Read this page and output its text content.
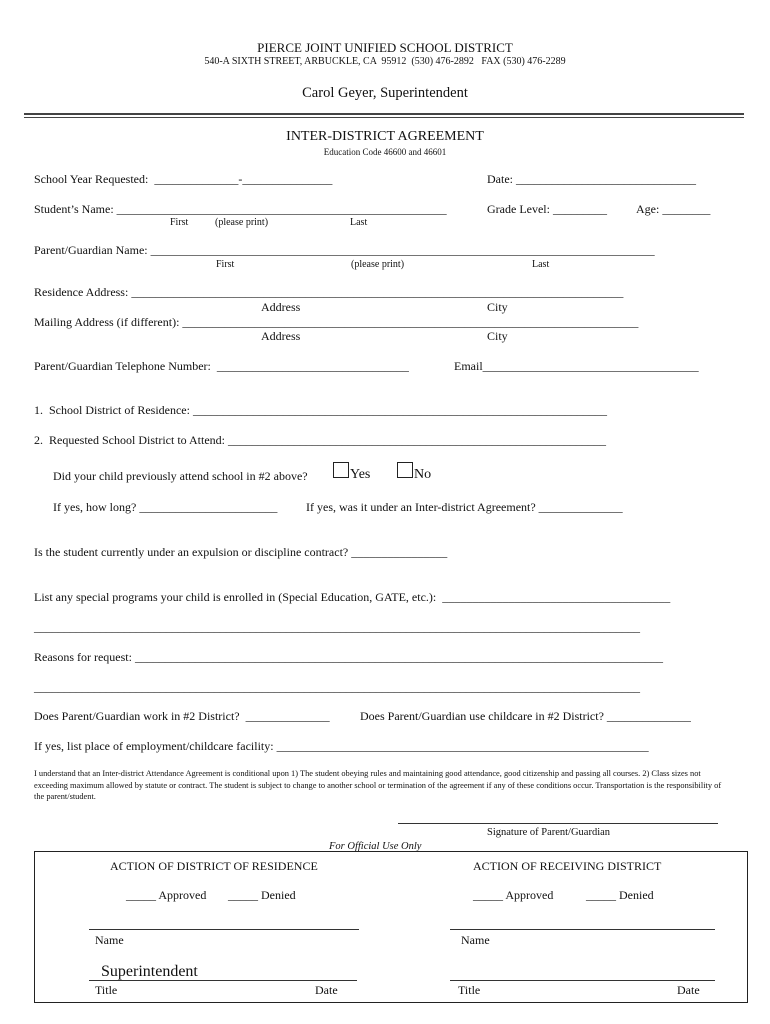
PIERCE JOINT UNIFIED SCHOOL DISTRICT
540-A SIXTH STREET, ARBUCKLE, CA  95912  (530) 476-2892   FAX (530) 476-2289
Carol Geyer, Superintendent
INTER-DISTRICT AGREEMENT
Education Code 46600 and 46601
School Year Requested:  ______________-_______________	Date: ______________________________
Student’s Name: _______________________________________________________	Grade Level: _________ Age: ________
First	(please print)	Last
Parent/Guardian Name: ____________________________________________________________________________________
First	(please print)	Last
Residence Address: __________________________________________________________________________________
Address	City
Mailing Address (if different): ____________________________________________________________________________
Address	City
Parent/Guardian Telephone Number:  ________________________________	Email____________________________________
1.  School District of Residence: _____________________________________________________________________
2.  Requested School District to Attend: _______________________________________________________________
Did your child previously attend school in #2 above?	Yes	No
If yes, how long? _______________________ If yes, was it under an Inter-district Agreement? ______________
Is the student currently under an expulsion or discipline contract? ________________
List any special programs your child is enrolled in (Special Education, GATE, etc.):  ______________________________________
_____________________________________________________________________________________________________
Reasons for request: ________________________________________________________________________________________
_____________________________________________________________________________________________________
Does Parent/Guardian work in #2 District?  ______________	Does Parent/Guardian use childcare in #2 District? ______________
If yes, list place of employment/childcare facility: ______________________________________________________________
I understand that an Inter-district Attendance Agreement is conditional upon 1) The student obeying rules and maintaining good attendance, good citizenship and passing all courses. 2) Class sizes not exceeding maximum allowed by statute or contract. The student is subject to change to another school or termination of the agreement if any of these conditions occur. Transportation is the responsibility of the parent/student.
Signature of Parent/Guardian
For Official Use Only
ACTION OF DISTRICT OF RESIDENCE	ACTION OF RECEIVING DISTRICT
_____ Approved _____ Denied	_____ Approved	_____ Denied
Name	Name
Superintendent
Title	Date	Title	Date
